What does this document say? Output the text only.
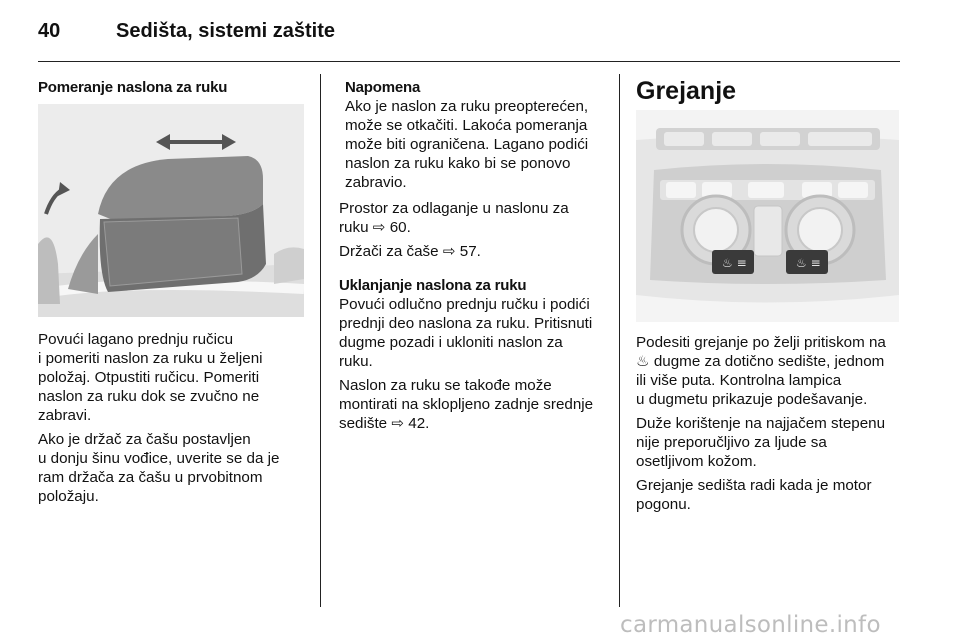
40	Sedišta, sistemi zaštite
Pomeranje naslona za ruku

Povući lagano prednju ručicu
i pomeriti naslon za ruku u željeni
položaj. Otpustiti ručicu. Pomeriti
naslon za ruku dok se zvučno ne
zabravi.

Ako je držač za čašu postavljen
u donju šinu vođice, uverite se da je
ram držača za čašu u prvobitnom
položaju.

Napomena

Ako je naslon za ruku preopterećen,
može se otkačiti. Lakoća pomeranja
može biti ograničena. Lagano podići
naslon za ruku kako bi se ponovo
zabravio.

Prostor za odlaganje u naslonu za
ruku ⇨ 60.

Držači za čaše ⇨ 57.

Uklanjanje naslona za ruku

Povući odlučno prednju ručku i podići
prednji deo naslona za ruku. Pritisnuti
dugme pozadi i ukloniti naslon za
ruku.

Naslon za ruku se takođe može
montirati na sklopljeno zadnje srednje
sedište ⇨ 42.

Grejanje
♨ ≡	♨ ≡

Podesiti grejanje po želji pritiskom na
♨ dugme za dotično sedište, jednom
ili više puta. Kontrolna lampica
u dugmetu prikazuje podešavanje.

Duže korištenje na najjačem stepenu
nije preporučljivo za ljude sa
osetljivom kožom.

Grejanje sedišta radi kada je motor
pogonu.

carmanualsonline.info
